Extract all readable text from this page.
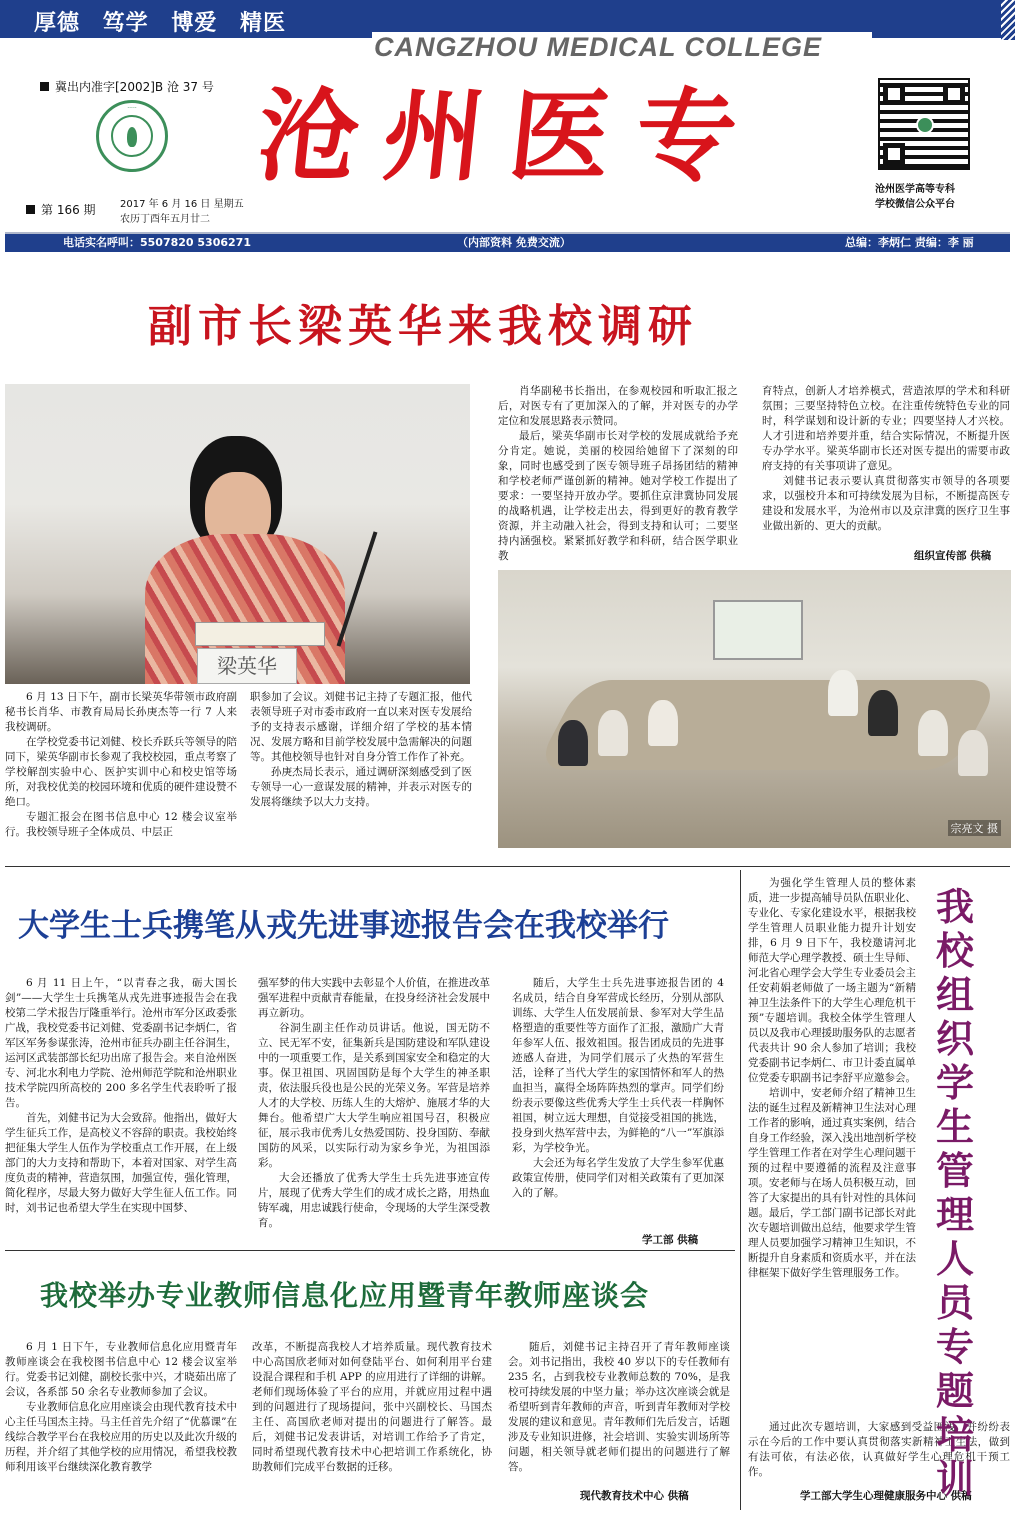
厚德 笃学 博爱 精医
CANGZHOU MEDICAL COLLEGE
冀出内准字[2002]B 沧 37 号
·····
第 166 期 2017 年 6 月 16 日 星期五
农历丁酉年五月廿二
沧州医专	沧州医学高等专科
学校微信公众平台
电话实名呼叫：5507820 5306271	（内部资料 免费交流）	总编：李炳仁 责编：李 丽
副市长梁英华来我校调研
梁英华

6 月 13 日下午，副市长梁英华带领市政府副秘书长肖华、市教育局局长孙庚杰等一行 7 人来我校调研。

在学校党委书记刘健、校长乔跃兵等领导的陪同下，梁英华副市长参观了我校校园，重点考察了学校解剖实验中心、医护实训中心和校史馆等场所，对我校优美的校园环境和优质的硬件建设赞不绝口。

专题汇报会在图书信息中心 12 楼会议室举行。我校领导班子全体成员、中层正

职参加了会议。刘健书记主持了专题汇报，他代表领导班子对市委市政府一直以来对医专发展给予的支持表示感谢，详细介绍了学校的基本情况、发展方略和目前学校发展中急需解决的问题等。其他校领导也针对自身分管工作作了补充。

孙庚杰局长表示，通过调研深刻感受到了医专领导一心一意谋发展的精神，并表示对医专的发展将继续予以大力支持。

肖华副秘书长指出，在参观校园和听取汇报之后，对医专有了更加深入的了解，并对医专的办学定位和发展思路表示赞同。

最后，梁英华副市长对学校的发展成就给予充分肯定。她说，美丽的校园给她留下了深刻的印象，同时也感受到了医专领导班子昂扬团结的精神和学校老师严谨创新的精神。她对学校工作提出了要求：一要坚持开放办学。要抓住京津冀协同发展的战略机遇，让学校走出去，得到更好的教育教学资源，并主动融入社会，得到支持和认可；二要坚持内涵强校。紧紧抓好教学和科研，结合医学职业教

育特点，创新人才培养模式，营造浓厚的学术和科研氛围；三要坚持特色立校。在注重传统特色专业的同时，科学谋划和设计新的专业；四要坚持人才兴校。人才引进和培养要并重，结合实际情况，不断提升医专办学水平。梁英华副市长还对医专提出的需要市政府支持的有关事项讲了意见。

刘健书记表示要认真贯彻落实市领导的各项要求，以强校升本和可持续发展为目标，不断提高医专建设和发展水平，为沧州市以及京津冀的医疗卫生事业做出新的、更大的贡献。

组织宣传部 供稿
宗亮文 摄
大学生士兵携笔从戎先进事迹报告会在我校举行

6 月 11 日上午，“以青春之我，砺大国长剑”——大学生士兵携笔从戎先进事迹报告会在我校第二学术报告厅隆重举行。沧州市军分区政委张广战，我校党委书记刘健、党委副书记李炳仁，省军区军务参谋张涛，沧州市征兵办副主任谷洞生，运河区武装部部长纪功出席了报告会。来自沧州医专、河北水利电力学院、沧州师范学院和沧州职业技术学院四所高校的 200 多名学生代表聆听了报告。

首先，刘健书记为大会致辞。他指出，做好大学生征兵工作，是高校义不容辞的职责。我校始终把征集大学生人伍作为学校重点工作开展，在上级部门的大力支持和帮助下，本着对国家、对学生高度负责的精神，营造氛围，加强宣传，强化管理，简化程序，尽最大努力做好大学生征人伍工作。同时，刘书记也希望大学生在实现中国梦、

强军梦的伟大实践中去彰显个人价值，在推进改革强军进程中贡献青春能量，在投身经济社会发展中再立新功。

谷洞生副主任作动员讲话。他说，国无防不立、民无军不安，征集新兵是国防建设和军队建设中的一项重要工作，是关系到国家安全和稳定的大事。保卫祖国、巩固国防是每个大学生的神圣职责，依法服兵役也是公民的光荣义务。军营是培养人才的大学校、历练人生的大熔炉、施展才华的大舞台。他希望广大大学生响应祖国号召，积极应征，展示我市优秀儿女热爱国防、投身国防、奉献国防的风采，以实际行动为家乡争光，为祖国添彩。

大会还播放了优秀大学生士兵先进事迹宣传片，展现了优秀大学生们的成才成长之路，用热血铸军魂，用忠诚践行使命，令现场的大学生深受教育。

随后，大学生士兵先进事迹报告团的 4 名成员，结合自身军营成长经历，分别从部队训练、大学生人伍发展前景、参军对大学生品格塑造的重要性等方面作了汇报，激励广大青年参军人伍、报效祖国。报告团成员的先进事迹感人奋进，为同学们展示了火热的军营生活，诠释了当代大学生的家国情怀和军人的热血担当，赢得全场阵阵热烈的掌声。同学们纷纷表示要像这些优秀大学生士兵代表一样胸怀祖国，树立远大理想，自觉接受祖国的挑选，投身到火热军营中去，为鲜艳的“八一”军旗添彩，为学校争光。

大会还为每名学生发放了大学生参军优惠政策宣传册，使同学们对相关政策有了更加深入的了解。

学工部 供稿

为强化学生管理人员的整体素质，进一步提高辅导员队伍职业化、专业化、专家化建设水平，根据我校学生管理人员职业能力提升计划安排，6 月 9 日下午，我校邀请河北师范大学心理学教授、硕士生导师、河北省心理学会大学生专业委员会主任安莉娟老师做了一场主题为“新精神卫生法条件下的大学生心理危机干预”专题培训。我校全体学生管理人员以及我市心理援助服务队的志愿者代表共计 90 余人参加了培训；我校党委副书记李炳仁、市卫计委直属单位党委专职副书记李舒平应邀参会。

培训中，安老师介绍了精神卫生法的诞生过程及新精神卫生法对心理工作者的影响，通过真实案例，结合自身工作经验，深入浅出地剖析学校学生管理工作者在对学生心理问题干预的过程中要遵循的流程及注意事项。安老师与在场人员积极互动，回答了大家提出的具有针对性的具体问题。最后，学工部门副书记部长对此次专题培训做出总结，他要求学生管理人员要加强学习精神卫生知识，不断提升自身素质和资质水平，并在法律框架下做好学生管理服务工作。

通过此次专题培训，大家感到受益匪浅，并纷纷表示在今后的工作中要认真贯彻落实新精神卫生法，做到有法可依，有法必依，认真做好学生心理危机干预工作。

学工部大学生心理健康服务中心 供稿
我校组织学生管理人员专题培训
我校举办专业教师信息化应用暨青年教师座谈会

6 月 1 日下午，专业教师信息化应用暨青年教师座谈会在我校图书信息中心 12 楼会议室举行。党委书记刘健，副校长张中兴，才晓茹出席了会议，各系部 50 余名专业教师参加了会议。

专业教师信息化应用座谈会由现代教育技术中心主任马国杰主持。马主任首先介绍了“优慕课”在线综合教学平台在我校应用的历史以及此次升级的历程，并介绍了其他学校的应用情况，希望我校教师利用该平台继续深化教育教学

改革，不断提高我校人才培养质量。现代教育技术中心高国欣老师对如何登陆平台、如何利用平台建设混合课程和手机 APP 的应用进行了详细的讲解。老师们现场体验了平台的应用，并就应用过程中遇到的问题进行了现场提问，张中兴副校长、马国杰主任、高国欣老师对提出的问题进行了解答。最后，刘健书记发表讲话，对培训工作给予了肯定，同时希望现代教育技术中心把培训工作系统化，协助教师们完成平台数据的迁移。

随后，刘健书记主持召开了青年教师座谈会。刘书记指出，我校 40 岁以下的专任教师有 235 名，占到我校专业教师总数的 70%，是我校可持续发展的中坚力量；举办这次座谈会就是希望听到青年教师的声音，听到青年教师对学校发展的建议和意见。青年教师们先后发言，话题涉及专业知识进修，社会培训、实验实训场所等问题，相关领导就老师们提出的问题进行了解答。

现代教育技术中心 供稿
